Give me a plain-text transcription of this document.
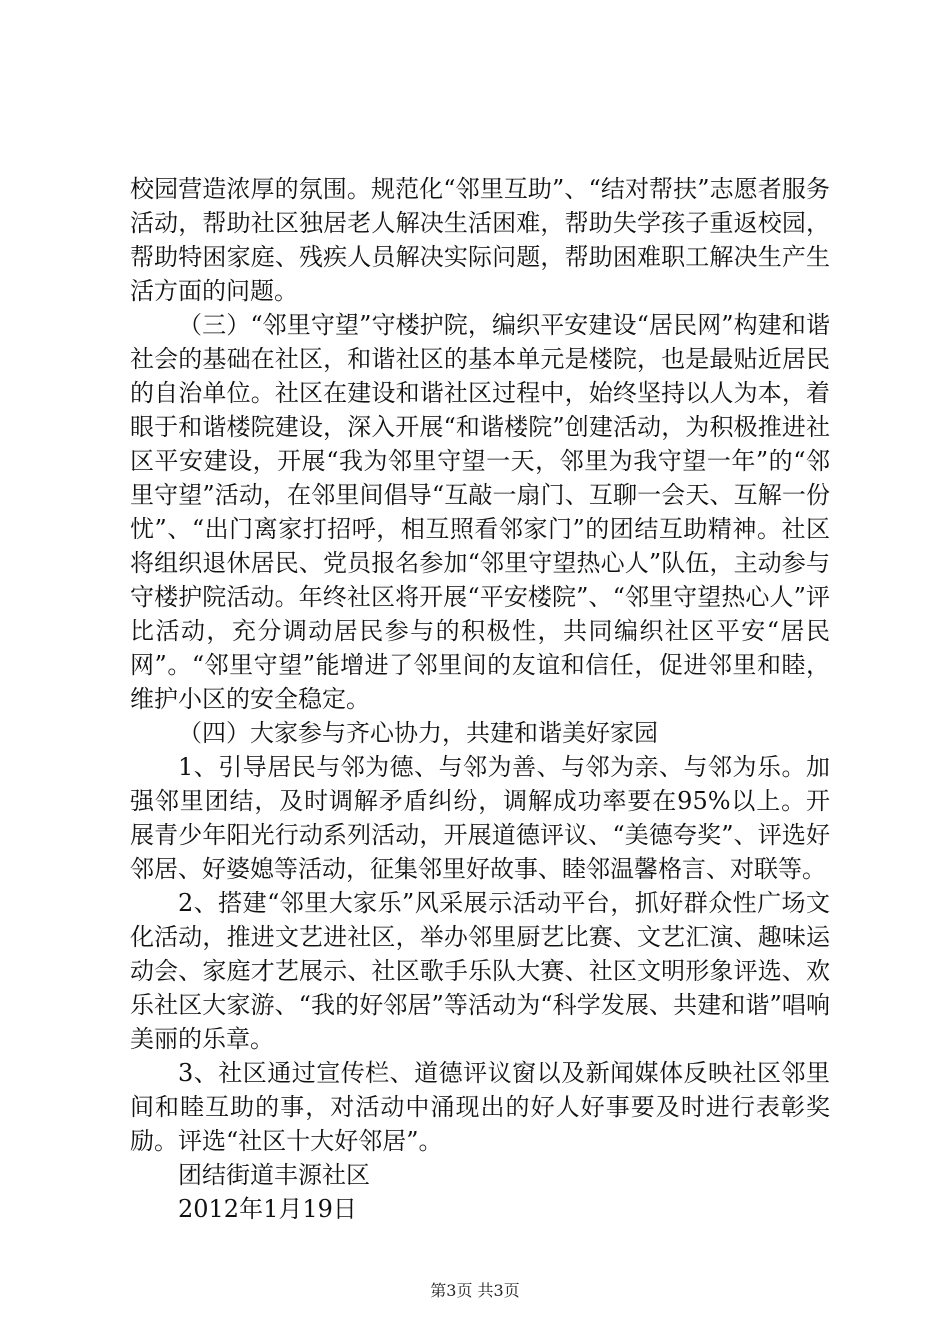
校园营造浓厚的氛围。规范化“邻里互助”、“结对帮扶”志愿者服务活动，帮助社区独居老人解决生活困难，帮助失学孩子重返校园，帮助特困家庭、残疾人员解决实际问题，帮助困难职工解决生产生活方面的问题。

（三）“邻里守望”守楼护院，编织平安建设“居民网”构建和谐社会的基础在社区，和谐社区的基本单元是楼院，也是最贴近居民的自治单位。社区在建设和谐社区过程中，始终坚持以人为本，着眼于和谐楼院建设，深入开展“和谐楼院”创建活动，为积极推进社区平安建设，开展“我为邻里守望一天，邻里为我守望一年”的“邻里守望”活动，在邻里间倡导“互敲一扇门、互聊一会天、互解一份忧”、“出门离家打招呼，相互照看邻家门”的团结互助精神。社区将组织退休居民、党员报名参加“邻里守望热心人”队伍，主动参与守楼护院活动。年终社区将开展“平安楼院”、“邻里守望热心人”评比活动，充分调动居民参与的积极性，共同编织社区平安“居民网”。“邻里守望”能增进了邻里间的友谊和信任，促进邻里和睦，维护小区的安全稳定。

（四）大家参与齐心协力，共建和谐美好家园

1、引导居民与邻为德、与邻为善、与邻为亲、与邻为乐。加强邻里团结，及时调解矛盾纠纷，调解成功率要在95%以上。开展青少年阳光行动系列活动，开展道德评议、“美德夸奖”、评选好邻居、好婆媳等活动，征集邻里好故事、睦邻温馨格言、对联等。

2、搭建“邻里大家乐”风采展示活动平台，抓好群众性广场文化活动，推进文艺进社区，举办邻里厨艺比赛、文艺汇演、趣味运动会、家庭才艺展示、社区歌手乐队大赛、社区文明形象评选、欢乐社区大家游、“我的好邻居”等活动为“科学发展、共建和谐”唱响美丽的乐章。

3、社区通过宣传栏、道德评议窗以及新闻媒体反映社区邻里间和睦互助的事，对活动中涌现出的好人好事要及时进行表彰奖励。评选“社区十大好邻居”。

团结街道丰源社区

2012年1月19日

第3页 共3页
